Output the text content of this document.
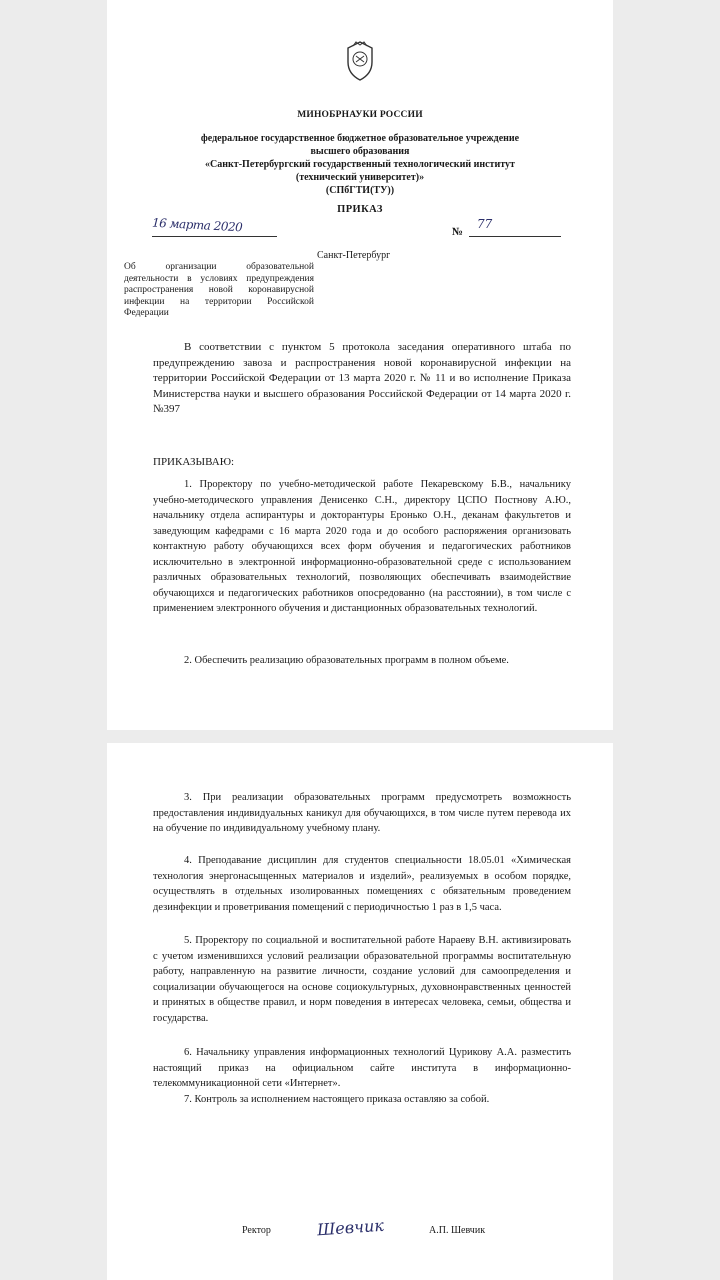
МИНОБРНАУКИ РОССИИ
федеральное государственное бюджетное образовательное учреждение
высшего образования
«Санкт-Петербургский государственный технологический институт
(технический университет)»
(СПбГТИ(ТУ))
ПРИКАЗ
16 марта 2020	№
77
Санкт-Петербург
Об организации образовательной деятельности в условиях предупреждения распространения новой коронавирусной инфекции на территории Российской Федерации
В соответствии с пунктом 5 протокола заседания оперативного штаба по предупреждению завоза и распространения новой коронавирусной инфекции на территории Российской Федерации от 13 марта 2020 г. № 11 и во исполнение Приказа Министерства науки и высшего образования Российской Федерации от 14 марта 2020 г. №397
ПРИКАЗЫВАЮ:
1. Проректору по учебно-методической работе Пекаревскому Б.В., начальнику учебно-методического управления Денисенко С.Н., директору ЦСПО Постнову А.Ю., начальнику отдела аспирантуры и докторантуры Еронько О.Н., деканам факультетов и заведующим кафедрами с 16 марта 2020 года и до особого распоряжения организовать контактную работу обучающихся всех форм обучения и педагогических работников исключительно в электронной информационно-образовательной среде с использованием различных образовательных технологий, позволяющих обеспечивать взаимодействие обучающихся и педагогических работников опосредованно (на расстоянии), в том числе с применением электронного обучения и дистанционных образовательных технологий.
2. Обеспечить реализацию образовательных программ в полном объеме.
3. При реализации образовательных программ предусмотреть возможность предоставления индивидуальных каникул для обучающихся, в том числе путем перевода их на обучение по индивидуальному учебному плану.
4. Преподавание дисциплин для студентов специальности 18.05.01 «Химическая технология энергонасыщенных материалов и изделий», реализуемых в особом порядке, осуществлять в отдельных изолированных помещениях с обязательным проведением дезинфекции и проветривания помещений с периодичностью 1 раз в 1,5 часа.
5. Проректору по социальной и воспитательной работе Нараеву В.Н. активизировать с учетом изменившихся условий реализации образовательной программы воспитательную работу, направленную на развитие личности, создание условий для самоопределения и социализации обучающегося на основе социокультурных, духовнонравственных ценностей и принятых в обществе правил, и норм поведения в интересах человека, семьи, общества и государства.
6. Начальнику управления информационных технологий Цурикову А.А. разместить настоящий приказ на официальном сайте института в информационно-телекоммуникационной сети «Интернет».
7. Контроль за исполнением настоящего приказа оставляю за собой.
Ректор	Шевчик	А.П. Шевчик
